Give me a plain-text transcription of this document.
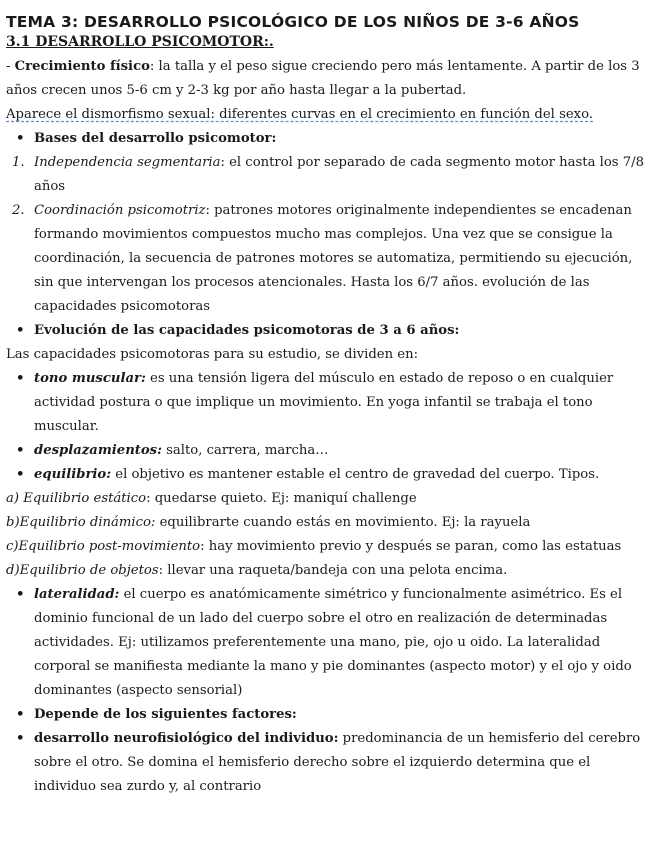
TEMA 3: DESARROLLO PSICOLÓGICO DE LOS NIÑOS DE 3-6 AÑOS
3.1 DESARROLLO PSICOMOTOR:.

- Crecimiento físico: la talla y el peso sigue creciendo pero más lentamente. A partir de los 3 años crecen unos 5-6 cm y 2-3 kg por año hasta llegar a la pubertad.

Aparece el dismorfismo sexual: diferentes curvas en el crecimiento en función del sexo.

• Bases del desarrollo psicomotor:
1. Independencia segmentaria: el control por separado de cada segmento motor hasta los 7/8 años
2. Coordinación psicomotriz: patrones motores originalmente independientes se encadenan formando movimientos compuestos mucho mas complejos. Una vez que se consigue la coordinación, la secuencia de patrones motores se automatiza, permitiendo su ejecución, sin que intervengan los procesos atencionales. Hasta los 6/7 años. evolución de las capacidades psicomotoras
• Evolución de las capacidades psicomotoras de 3 a 6 años:

Las capacidades psicomotoras para su estudio, se dividen en:

• tono muscular: es una tensión ligera del músculo en estado de reposo o en cualquier actividad postura o que implique un movimiento. En yoga infantil se trabaja el tono muscular.
• desplazamientos: salto, carrera, marcha…
• equilibrio: el objetivo es mantener estable el centro de gravedad del cuerpo. Tipos.

a) Equilibrio estático: quedarse quieto. Ej: maniquí challenge

b)Equilibrio dinámico: equilibrarte cuando estás en movimiento. Ej: la rayuela

c)Equilibrio post-movimiento: hay movimiento previo y después se paran, como las estatuas

d)Equilibrio de objetos: llevar una raqueta/bandeja con una pelota encima.

• lateralidad: el cuerpo es anatómicamente simétrico y funcionalmente asimétrico. Es el dominio funcional de un lado del cuerpo sobre el otro en realización de determinadas actividades. Ej: utilizamos preferentemente una mano, pie, ojo u oido. La lateralidad corporal se manifiesta mediante la mano y pie dominantes (aspecto motor) y el ojo y oido dominantes (aspecto sensorial)
• Depende de los siguientes factores:
• desarrollo neurofisiológico del individuo: predominancia de un hemisferio del cerebro sobre el otro. Se domina el hemisferio derecho sobre el izquierdo determina que el individuo sea zurdo y, al contrario
